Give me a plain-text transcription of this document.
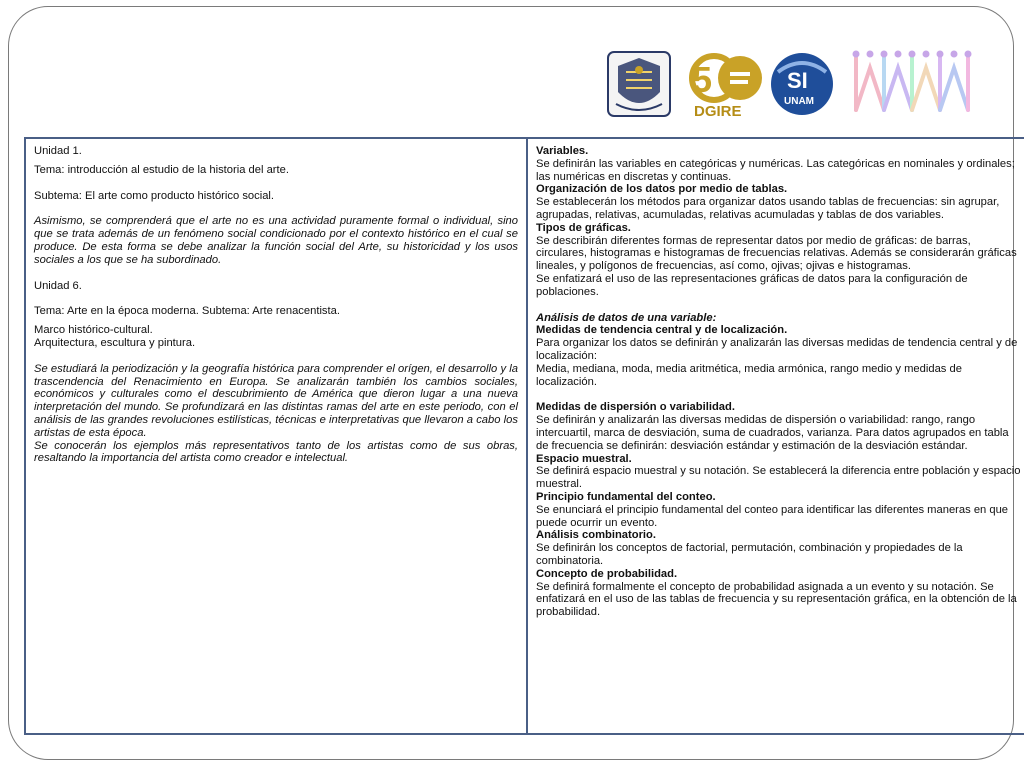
5
DGIRE
SI
UNAM

Unidad 1.

Tema: introducción al estudio de la historia del arte.

Subtema: El arte como producto histórico social.

Asimismo, se comprenderá que el arte no es una actividad puramente formal o individual, sino que se trata además de un fenómeno social condicionado por el contexto histórico en el cual se produce. De esta forma se debe analizar la función social del Arte, su historicidad y los usos sociales a los que se ha subordinado.

Unidad 6.

Tema: Arte en la época moderna. Subtema: Arte renacentista.

Marco histórico-cultural.

Arquitectura, escultura y pintura.

Se estudiará la periodización y la geografía histórica para comprender el orígen, el desarrollo y la trascendencia del Renacimiento en Europa. Se analizarán también los cambios sociales, económicos y culturales como el descubrimiento de América que dieron lugar a una nueva interpretación del mundo. Se profundizará en las distintas ramas del arte en este periodo, con el análisis de las grandes revoluciones estilísticas, técnicas e interpretativas que llevaron a cabo los artistas de esta época.

Se conocerán los ejemplos más representativos tanto de los artistas como de sus obras, resaltando la importancia del artista como creador e intelectual.

Variables.

Se definirán las variables en categóricas y numéricas. Las categóricas en nominales y ordinales; las numéricas en discretas y continuas.

Organización de los datos por medio de tablas.

Se establecerán los métodos para organizar datos usando tablas de frecuencias: sin agrupar, agrupadas, relativas, acumuladas, relativas acumuladas y tablas de dos variables.

Tipos de gráficas.

Se describirán diferentes formas de representar datos por medio de gráficas: de barras, circulares, histogramas e histogramas de frecuencias relativas. Además se considerarán gráficas lineales, y polígonos de frecuencias, así como, ojivas; ojivas e histogramas.

Se enfatizará el uso de las representaciones gráficas de datos para la configuración de poblaciones.

Análisis de datos de una variable:

Medidas de tendencia central y de localización.

Para organizar los datos se definirán y analizarán las diversas medidas de tendencia central y de localización:

Media, mediana, moda, media aritmética, media armónica, rango medio y medidas de localización.

Medidas de dispersión o variabilidad.

Se definirán y analizarán las diversas medidas de dispersión o variabilidad: rango, rango intercuartil, marca de desviación, suma de cuadrados, varianza. Para datos agrupados en tabla de frecuencia se definirán: desviación estándar y estimación de la desviación estándar.

Espacio muestral.

Se definirá espacio muestral y su notación. Se establecerá la diferencia entre población y espacio muestral.

Principio fundamental del conteo.

Se enunciará el principio fundamental del conteo para identificar las diferentes maneras en que puede ocurrir un evento.

Análisis combinatorio.

Se definirán los conceptos de factorial, permutación, combinación y propiedades de la combinatoria.

Concepto de probabilidad.

Se definirá formalmente el concepto de probabilidad asignada a un evento y su notación. Se enfatizará en el uso de las tablas de frecuencia y su representación gráfica, en la obtención de la probabilidad.
